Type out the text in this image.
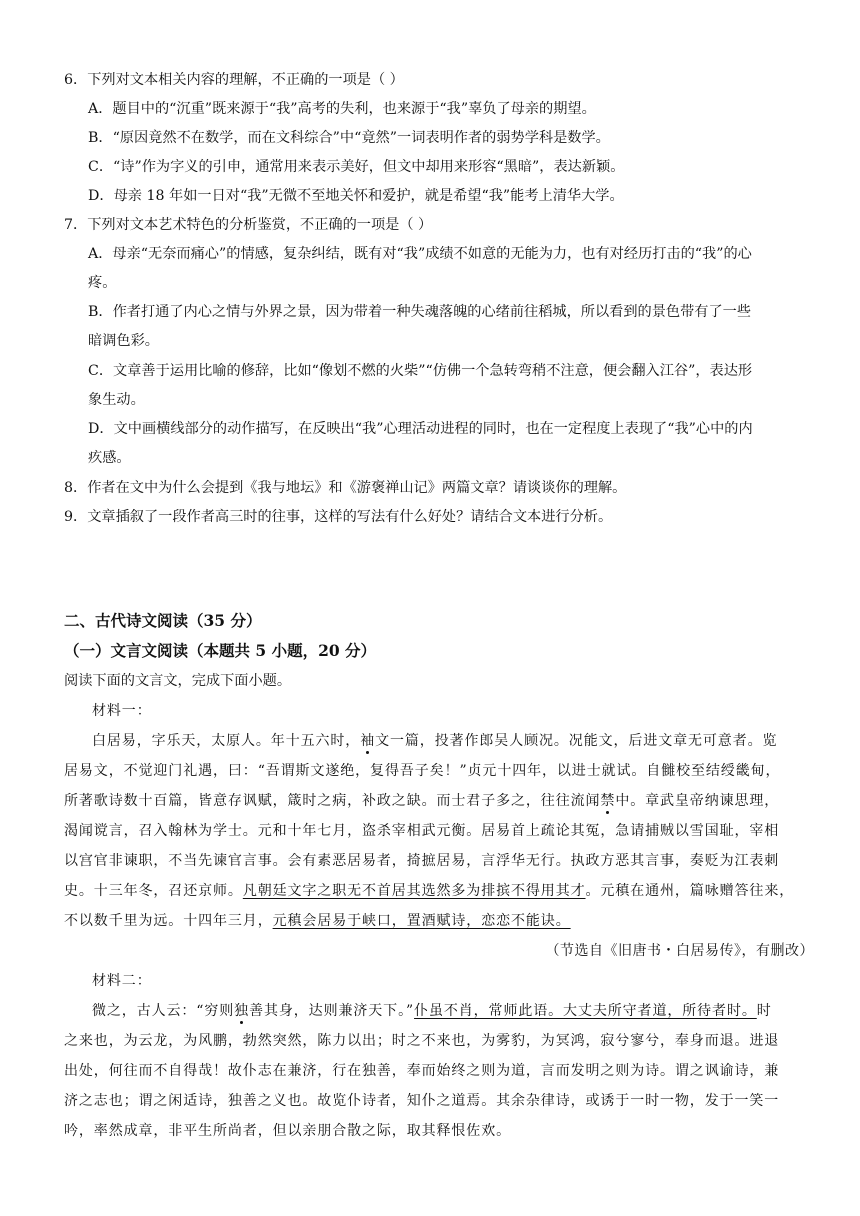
6．下列对文本相关内容的理解，不正确的一项是（ ）
A．题目中的“沉重”既来源于“我”高考的失利，也来源于“我”辜负了母亲的期望。
B．“原因竟然不在数学，而在文科综合”中“竟然”一词表明作者的弱势学科是数学。
C．“诗”作为字义的引申，通常用来表示美好，但文中却用来形容“黑暗”，表达新颖。
D．母亲 18 年如一日对“我”无微不至地关怀和爱护，就是希望“我”能考上清华大学。
7．下列对文本艺术特色的分析鉴赏，不正确的一项是（ ）
A．母亲“无奈而痛心”的情感，复杂纠结，既有对“我”成绩不如意的无能为力，也有对经历打击的“我”的心
疼。
B．作者打通了内心之情与外界之景，因为带着一种失魂落魄的心绪前往稻城，所以看到的景色带有了一些
暗调色彩。
C．文章善于运用比喻的修辞，比如“像划不燃的火柴”“仿佛一个急转弯稍不注意，便会翻入江谷”，表达形
象生动。
D．文中画横线部分的动作描写，在反映出“我”心理活动进程的同时，也在一定程度上表现了“我”心中的内
疚感。
8．作者在文中为什么会提到《我与地坛》和《游褒禅山记》两篇文章？请谈谈你的理解。
9．文章插叙了一段作者高三时的往事，这样的写法有什么好处？请结合文本进行分析。
二、古代诗文阅读（35 分）
（一）文言文阅读（本题共 5 小题，20 分）
阅读下面的文言文，完成下面小题。
材料一：
白居易，字乐天，太原人。年十五六时，袖文一篇，投著作郎吴人顾况。况能文，后进文章无可意者。览
居易文，不觉迎门礼遇，曰：“吾谓斯文遂绝，复得吾子矣！”贞元十四年，以进士就试。自雠校至结绶畿甸，
所著歌诗数十百篇，皆意存讽赋，箴时之病，补政之缺。而士君子多之，往往流闻禁中。章武皇帝纳谏思理，
渴闻谠言，召入翰林为学士。元和十年七月，盗杀宰相武元衡。居易首上疏论其冤，急请捕贼以雪国耻，宰相
以宫官非谏职，不当先谏官言事。会有素恶居易者，掎摭居易，言浮华无行。执政方恶其言事，奏贬为江表刺
史。十三年冬，召还京师。凡朝廷文字之职无不首居其选然多为排摈不得用其才。元稹在通州，篇咏赠答往来，
不以数千里为远。十四年三月，元稹会居易于峡口，置酒赋诗，恋恋不能诀。
（节选自《旧唐书・白居易传》，有删改）
材料二：
微之，古人云：“穷则独善其身，达则兼济天下。”仆虽不肖，常师此语。大丈夫所守者道，所待者时。时
之来也，为云龙，为风鹏，勃然突然，陈力以出；时之不来也，为雾豹，为冥鸿，寂兮寥兮，奉身而退。进退
出处，何往而不自得哉！故仆志在兼济，行在独善，奉而始终之则为道，言而发明之则为诗。谓之讽谕诗，兼
济之志也；谓之闲适诗，独善之义也。故览仆诗者，知仆之道焉。其余杂律诗，或诱于一时一物，发于一笑一
吟，率然成章，非平生所尚者，但以亲朋合散之际，取其释恨佐欢。
